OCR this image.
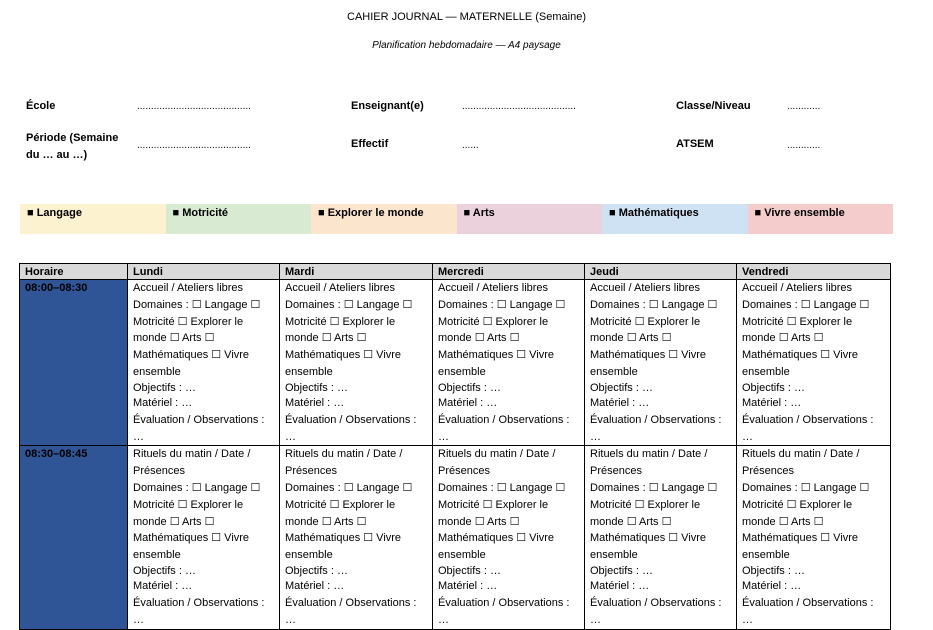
CAHIER JOURNAL — MATERNELLE (Semaine)
Planification hebdomadaire — A4 paysage
École	.........................................	Enseignant(e)	.........................................	Classe/Niveau	............
Période (Semaine
du … au …)
.........................................	Effectif	......	ATSEM	............
■ Langage	■ Motricité	■ Explorer le monde	■ Arts	■ Mathématiques	■ Vivre ensemble
Horaire	Lundi	Mardi	Mercredi	Jeudi	Vendredi
08:00–08:30	Accueil / Ateliers libres
Domaines : ☐ Langage ☐ Motricité ☐ Explorer le monde ☐ Arts ☐ Mathématiques ☐ Vivre ensemble
Objectifs : …
Matériel : …
Évaluation / Observations : …	Accueil / Ateliers libres
Domaines : ☐ Langage ☐ Motricité ☐ Explorer le monde ☐ Arts ☐ Mathématiques ☐ Vivre ensemble
Objectifs : …
Matériel : …
Évaluation / Observations : …	Accueil / Ateliers libres
Domaines : ☐ Langage ☐ Motricité ☐ Explorer le monde ☐ Arts ☐ Mathématiques ☐ Vivre ensemble
Objectifs : …
Matériel : …
Évaluation / Observations : …	Accueil / Ateliers libres
Domaines : ☐ Langage ☐ Motricité ☐ Explorer le monde ☐ Arts ☐ Mathématiques ☐ Vivre ensemble
Objectifs : …
Matériel : …
Évaluation / Observations : …	Accueil / Ateliers libres
Domaines : ☐ Langage ☐ Motricité ☐ Explorer le monde ☐ Arts ☐ Mathématiques ☐ Vivre ensemble
Objectifs : …
Matériel : …
Évaluation / Observations : …

08:30–08:45	Rituels du matin / Date / Présences
Domaines : ☐ Langage ☐ Motricité ☐ Explorer le monde ☐ Arts ☐ Mathématiques ☐ Vivre ensemble
Objectifs : …
Matériel : …
Évaluation / Observations : …	Rituels du matin / Date / Présences
Domaines : ☐ Langage ☐ Motricité ☐ Explorer le monde ☐ Arts ☐ Mathématiques ☐ Vivre ensemble
Objectifs : …
Matériel : …
Évaluation / Observations : …	Rituels du matin / Date / Présences
Domaines : ☐ Langage ☐ Motricité ☐ Explorer le monde ☐ Arts ☐ Mathématiques ☐ Vivre ensemble
Objectifs : …
Matériel : …
Évaluation / Observations : …	Rituels du matin / Date / Présences
Domaines : ☐ Langage ☐ Motricité ☐ Explorer le monde ☐ Arts ☐ Mathématiques ☐ Vivre ensemble
Objectifs : …
Matériel : …
Évaluation / Observations : …	Rituels du matin / Date / Présences
Domaines : ☐ Langage ☐ Motricité ☐ Explorer le monde ☐ Arts ☐ Mathématiques ☐ Vivre ensemble
Objectifs : …
Matériel : …
Évaluation / Observations : …
